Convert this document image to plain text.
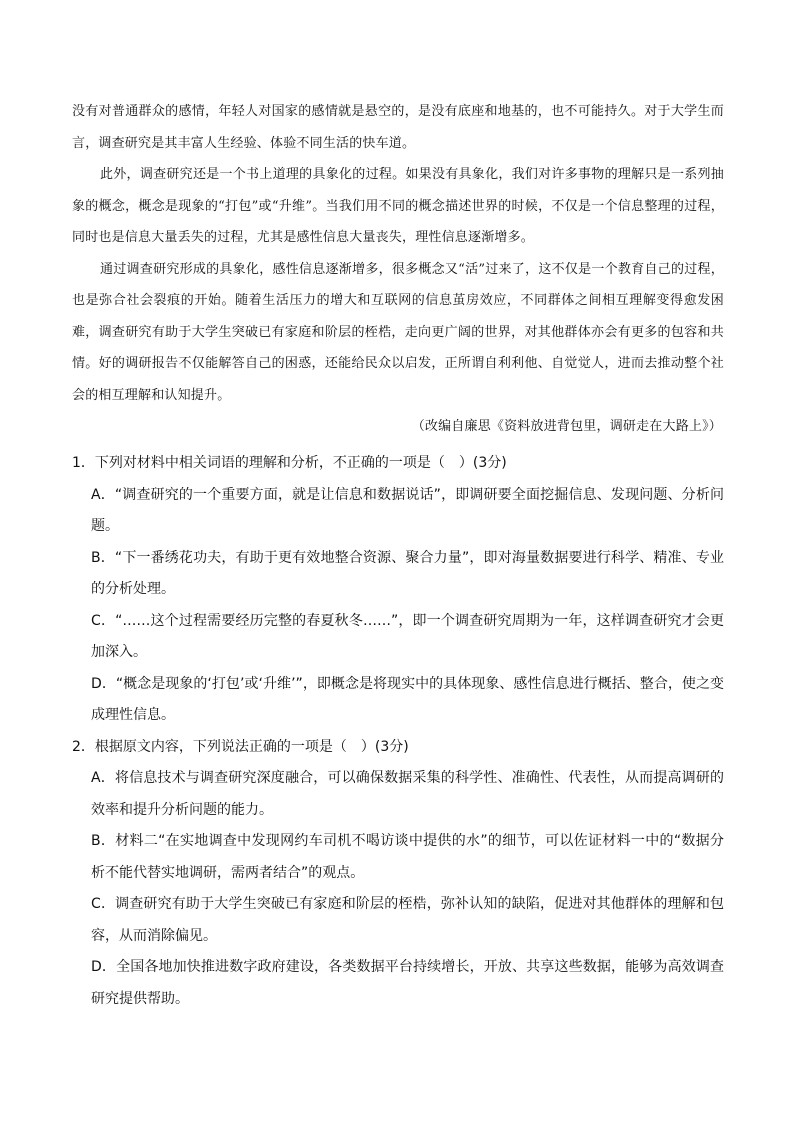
没有对普通群众的感情，年轻人对国家的感情就是悬空的，是没有底座和地基的，也不可能持久。对于大学生而言，调查研究是其丰富人生经验、体验不同生活的快车道。

此外，调查研究还是一个书上道理的具象化的过程。如果没有具象化，我们对许多事物的理解只是一系列抽象的概念，概念是现象的“打包”或“升维”。当我们用不同的概念描述世界的时候，不仅是一个信息整理的过程，同时也是信息大量丢失的过程，尤其是感性信息大量丧失，理性信息逐渐增多。

通过调查研究形成的具象化，感性信息逐渐增多，很多概念又“活”过来了，这不仅是一个教育自己的过程，也是弥合社会裂痕的开始。随着生活压力的增大和互联网的信息茧房效应，不同群体之间相互理解变得愈发困难，调查研究有助于大学生突破已有家庭和阶层的桎梏，走向更广阔的世界，对其他群体亦会有更多的包容和共情。好的调研报告不仅能解答自己的困惑，还能给民众以启发，正所谓自利利他、自觉觉人，进而去推动整个社会的相互理解和认知提升。

（改编自廉思《资料放进背包里，调研走在大路上》）

1．下列对材料中相关词语的理解和分析，不正确的一项是（　）(3分)

A．“调查研究的一个重要方面，就是让信息和数据说话”，即调研要全面挖掘信息、发现问题、分析问题。

B．“下一番绣花功夫，有助于更有效地整合资源、聚合力量”，即对海量数据要进行科学、精准、专业的分析处理。

C．“……这个过程需要经历完整的春夏秋冬……”，即一个调查研究周期为一年，这样调查研究才会更加深入。

D．“概念是现象的‘打包’或‘升维’”，即概念是将现实中的具体现象、感性信息进行概括、整合，使之变成理性信息。

2．根据原文内容，下列说法正确的一项是（　）(3分)

A．将信息技术与调查研究深度融合，可以确保数据采集的科学性、准确性、代表性，从而提高调研的效率和提升分析问题的能力。

B．材料二“在实地调查中发现网约车司机不喝访谈中提供的水”的细节，可以佐证材料一中的“数据分析不能代替实地调研，需两者结合”的观点。

C．调查研究有助于大学生突破已有家庭和阶层的桎梏，弥补认知的缺陷，促进对其他群体的理解和包容，从而消除偏见。

D．全国各地加快推进数字政府建设，各类数据平台持续增长，开放、共享这些数据，能够为高效调查研究提供帮助。
